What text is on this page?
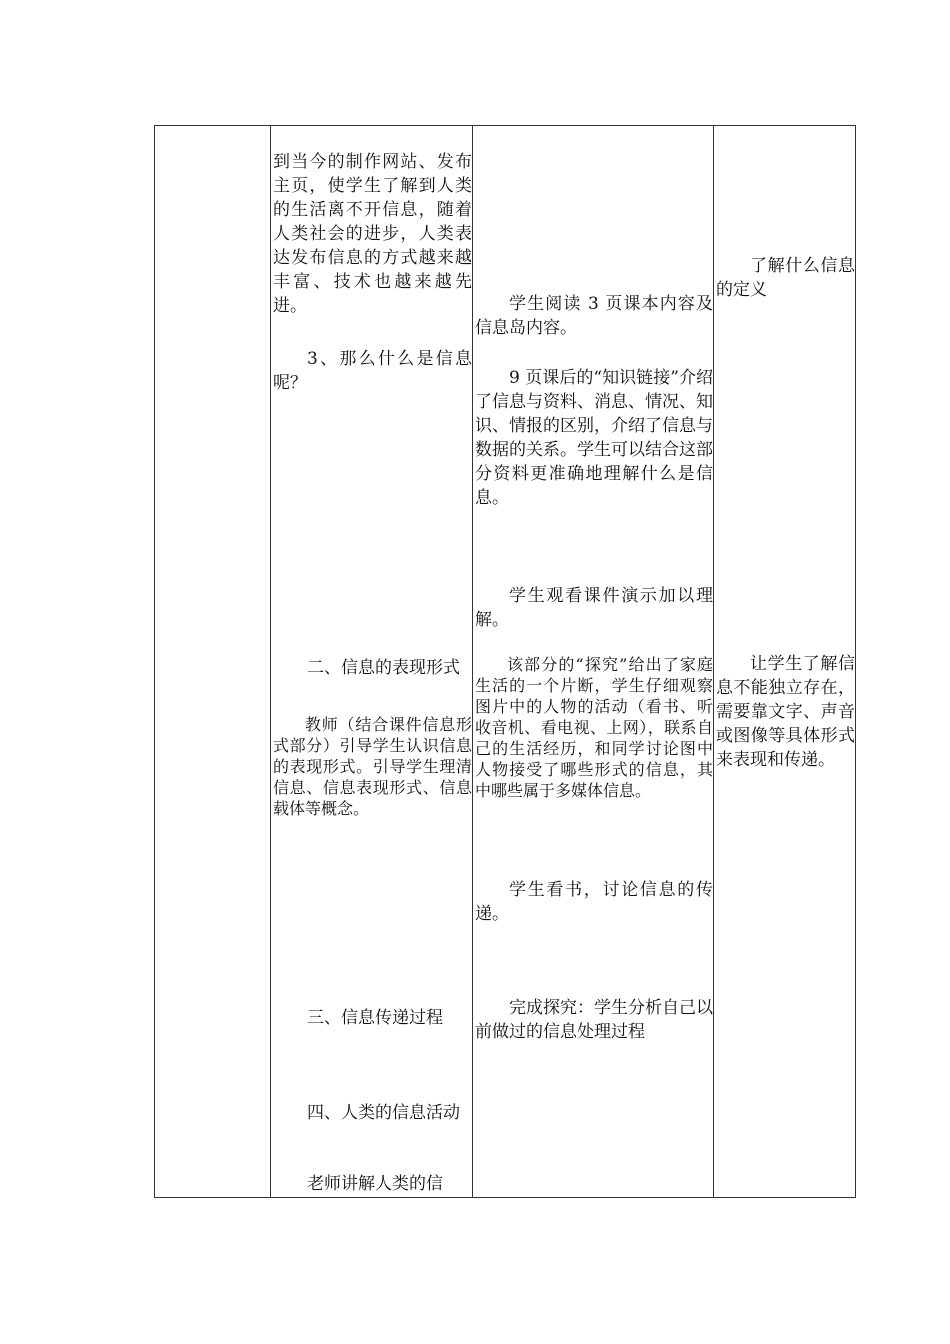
到当今的制作网站、发布主页，使学生了解到人类的生活离不开信息，随着人类社会的进步，人类表达发布信息的方式越来越丰富、技术也越来越先进。

3、那么什么是信息呢？

二、信息的表现形式

教师（结合课件信息形式部分）引导学生认识信息的表现形式。引导学生理清信息、信息表现形式、信息载体等概念。

三、信息传递过程

四、人类的信息活动

老师讲解人类的信

学生阅读 3 页课本内容及信息岛内容。

9 页课后的“知识链接”介绍了信息与资料、消息、情况、知识、情报的区别，介绍了信息与数据的关系。学生可以结合这部分资料更准确地理解什么是信息。

学生观看课件演示加以理解。

该部分的“探究”给出了家庭生活的一个片断，学生仔细观察图片中的人物的活动（看书、听收音机、看电视、上网），联系自己的生活经历，和同学讨论图中人物接受了哪些形式的信息，其中哪些属于多媒体信息。

学生看书，讨论信息的传递。

完成探究：学生分析自己以前做过的信息处理过程

了解什么信息的定义

让学生了解信息不能独立存在，需要靠文字、声音或图像等具体形式来表现和传递。
